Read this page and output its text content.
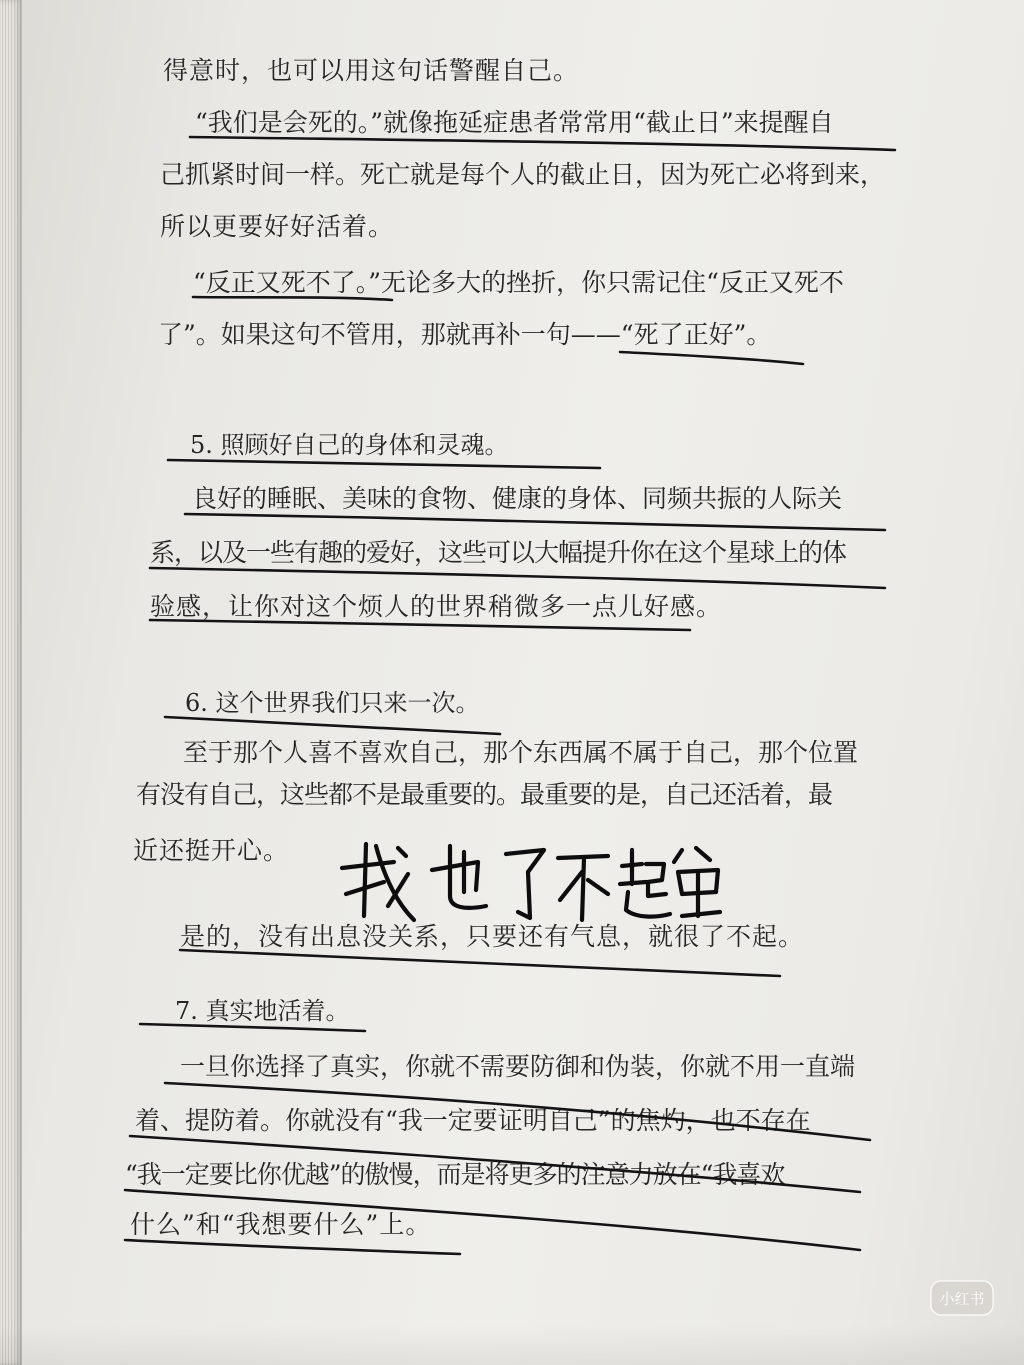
得意时，也可以用这句话警醒自己。
“我们是会死的。”就像拖延症患者常常用“截止日”来提醒自
己抓紧时间一样。死亡就是每个人的截止日，因为死亡必将到来，
所以更要好好活着。
“反正又死不了。”无论多大的挫折，你只需记住“反正又死不
了”。如果这句不管用，那就再补一句——“死了正好”。
5. 照顾好自己的身体和灵魂。
良好的睡眠、美味的食物、健康的身体、同频共振的人际关
系，以及一些有趣的爱好，这些可以大幅提升你在这个星球上的体
验感，让你对这个烦人的世界稍微多一点儿好感。
6. 这个世界我们只来一次。
至于那个人喜不喜欢自己，那个东西属不属于自己，那个位置
有没有自己，这些都不是最重要的。最重要的是，自己还活着，最
近还挺开心。
是的，没有出息没关系，只要还有气息，就很了不起。
7. 真实地活着。
一旦你选择了真实，你就不需要防御和伪装，你就不用一直端
着、提防着。你就没有“我一定要证明自己”的焦灼，也不存在
“我一定要比你优越”的傲慢，而是将更多的注意力放在“我喜欢
什么”和“我想要什么”上。
小红书
